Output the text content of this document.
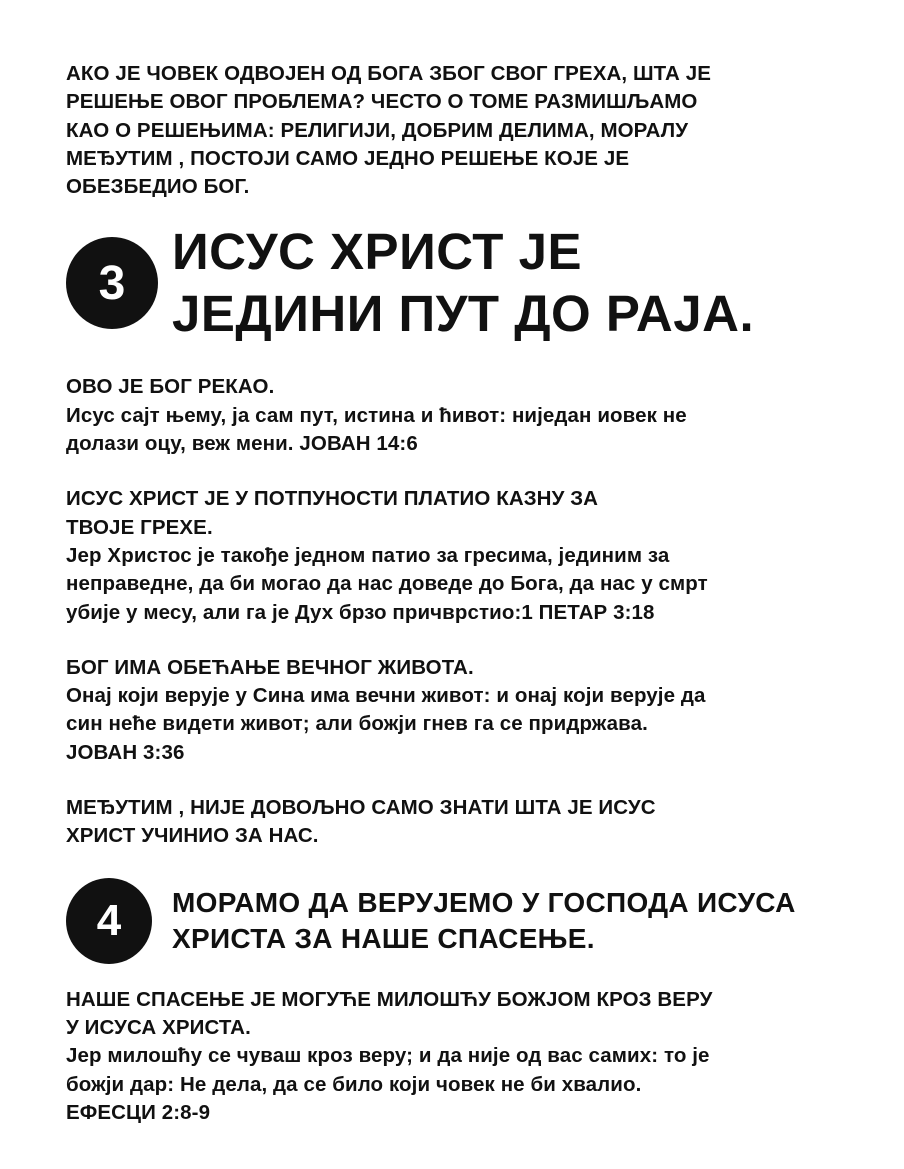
АКО ЈЕ ЧОВЕК ОДВОЈЕН ОД БОГА ЗБОГ СВОГ ГРЕХА, ШТА ЈЕ
РЕШЕЊЕ ОВОГ ПРОБЛЕМА? ЧЕСТО О ТОМЕ РАЗМИШЉАМО
КАО О РЕШЕЊИМА: РЕЛИГИЈИ, ДОБРИМ ДЕЛИМА, МОРАЛУ
МЕЂУТИМ , ПОСТОЈИ САМО ЈЕДНО РЕШЕЊЕ КОЈЕ ЈЕ
ОБЕЗБЕДИО БОГ.

3
ИСУС ХРИСТ ЈЕ
ЈЕДИНИ ПУТ ДО РАЈА.

ОВО ЈЕ БОГ РЕКАО.
Исус сајт њему, ја сам пут, истина и ћивот: ниједан иовек не
долази оцу, веж мени. ЈОВАН 14:6

ИСУС ХРИСТ ЈЕ У ПОТПУНОСТИ ПЛАТИО КАЗНУ ЗА
ТВОЈЕ ГРЕХЕ.
Јер Христос је такође једном патио за гресима, јединим за
неправедне, да би могао да нас доведе до Бога, да нас у смрт
убије у месу, али га је Дух брзо причврстио:1 ПЕТАР 3:18

БОГ ИМА ОБЕЋАЊЕ ВЕЧНОГ ЖИВОТА.
Онај који верује у Сина има вечни живот: и онај који верује да
син неће видети живот; али божји гнев га се придржава.
ЈОВАН 3:36

МЕЂУТИМ , НИЈЕ ДОВОЉНО САМО ЗНАТИ ШТА ЈЕ ИСУС
ХРИСТ УЧИНИО ЗА НАС.

4	МОРАМО ДА ВЕРУЈЕМО У ГОСПОДА ИСУСА
ХРИСТА ЗА НАШЕ СПАСЕЊЕ.

НАШЕ СПАСЕЊЕ ЈЕ МОГУЋЕ МИЛОШЋУ БОЖЈОМ КРОЗ ВЕРУ
У ИСУСА ХРИСТА.
Јер милошћу се чуваш кроз веру; и да није од вас самих: то је
божји дар: Не дела, да се било који човек не би хвалио.
ЕФЕСЦИ 2:8-9
